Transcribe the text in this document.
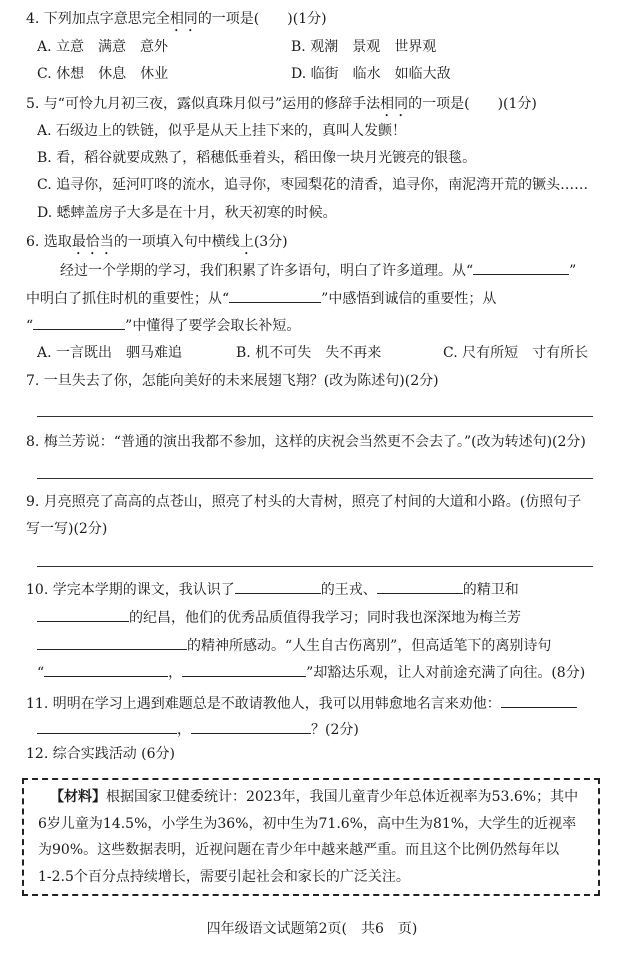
4. 下列加点字意思完全相同的一项是(　　)(1分)
A. 立意　满意　意外	B. 观潮　景观　世界观
C. 休想　休息　休业	D. 临街　临水　如临大敌
5. 与“可怜九月初三夜，露似真珠月似弓”运用的修辞手法相同的一项是(　　)(1分)
A. 石级边上的铁链，似乎是从天上挂下来的，真叫人发颤！
B. 看，稻谷就要成熟了，稻穗低垂着头，稻田像一块月光镀亮的银毯。
C. 追寻你，延河叮咚的流水，追寻你，枣园梨花的清香，追寻你，南泥湾开荒的镢头……
D. 蟋蟀盖房子大多是在十月，秋天初寒的时候。
6. 选取最恰当的一项填入句中横线上(3分)
经过一个学期的学习，我们积累了许多语句，明白了许多道理。从“	”
中明白了抓住时机的重要性；从“	”中感悟到诚信的重要性；从
“	”中懂得了要学会取长补短。
A. 一言既出　驷马难追	B. 机不可失　失不再来	C. 尺有所短　寸有所长
7. 一旦失去了你，怎能向美好的未来展翅飞翔？(改为陈述句)(2分)
8. 梅兰芳说：“普通的演出我都不参加，这样的庆祝会当然更不会去了。”(改为转述句)(2分)
9. 月亮照亮了高高的点苍山，照亮了村头的大青树，照亮了村间的大道和小路。(仿照句子
写一写)(2分)
10. 学完本学期的课文，我认识了	的王戎、	的精卫和
的纪昌，他们的优秀品质值得我学习；同时我也深深地为梅兰芳
的精神所感动。“人生自古伤离别”，但高适笔下的离别诗句
“	，	”却豁达乐观，让人对前途充满了向往。(8分)
11. 明明在学习上遇到难题总是不敢请教他人，我可以用韩愈地名言来劝他：
，	？(2分)
12. 综合实践活动 (6分)
【材料】根据国家卫健委统计：2023年，我国儿童青少年总体近视率为53.6%；其中
6岁儿童为14.5%，小学生为36%，初中生为71.6%，高中生为81%，大学生的近视率
为90%。这些数据表明，近视问题在青少年中越来越严重。而且这个比例仍然每年以
1-2.5个百分点持续增长，需要引起社会和家长的广泛关注。
四年级语文试题第2页(　共6　页)
